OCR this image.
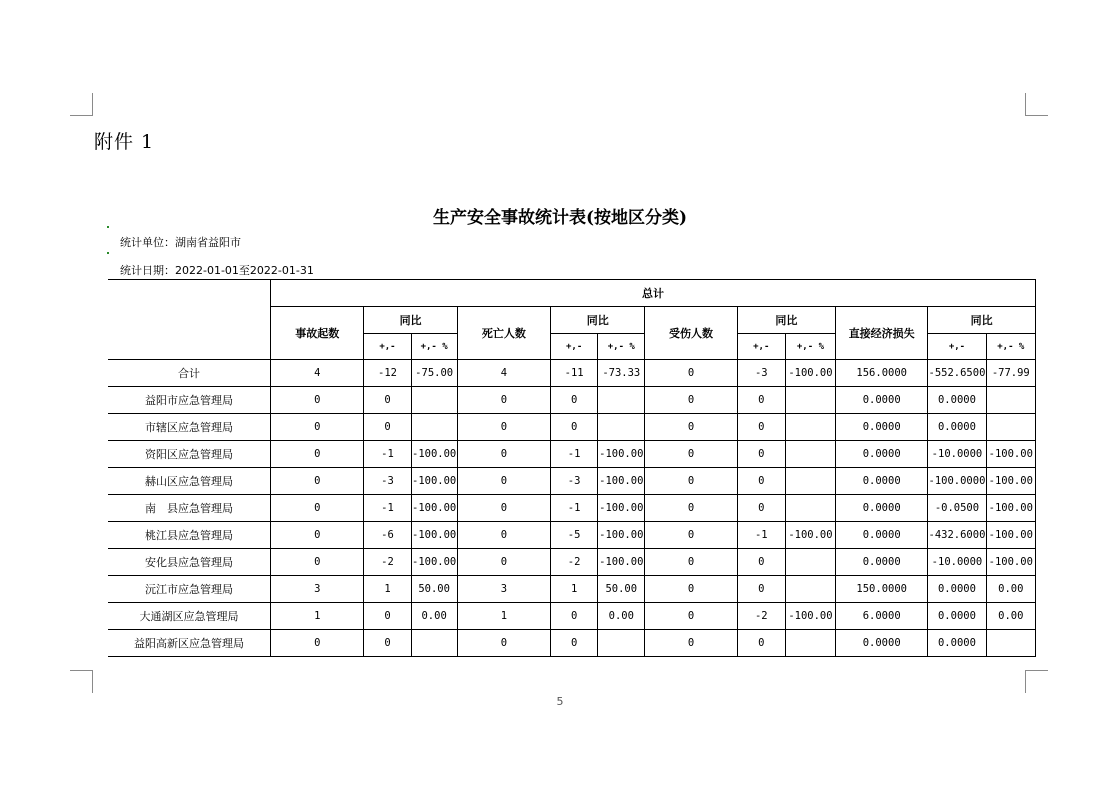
附件 1
生产安全事故统计表(按地区分类)
统计单位：湖南省益阳市
统计日期：2022-01-01至2022-01-31
	总计											
	事故起数	同比		死亡人数	同比		受伤人数	同比		直接经济损失	同比	
		+,-	+,- %		+,-	+,- %		+,-	+,- %		+,-	+,- %
合计	4	-12	-75.00	4	-11	-73.33	0	-3	-100.00	156.0000	-552.6500	-77.99
益阳市应急管理局	0	0		0	0		0	0		0.0000	0.0000	
市辖区应急管理局	0	0		0	0		0	0		0.0000	0.0000	
资阳区应急管理局	0	-1	-100.00	0	-1	-100.00	0	0		0.0000	-10.0000	-100.00
赫山区应急管理局	0	-3	-100.00	0	-3	-100.00	0	0		0.0000	-100.0000	-100.00
南　县应急管理局	0	-1	-100.00	0	-1	-100.00	0	0		0.0000	-0.0500	-100.00
桃江县应急管理局	0	-6	-100.00	0	-5	-100.00	0	-1	-100.00	0.0000	-432.6000	-100.00
安化县应急管理局	0	-2	-100.00	0	-2	-100.00	0	0		0.0000	-10.0000	-100.00
沅江市应急管理局	3	1	50.00	3	1	50.00	0	0		150.0000	0.0000	0.00
大通湖区应急管理局	1	0	0.00	1	0	0.00	0	-2	-100.00	6.0000	0.0000	0.00
益阳高新区应急管理局	0	0		0	0		0	0		0.0000	0.0000	
5
